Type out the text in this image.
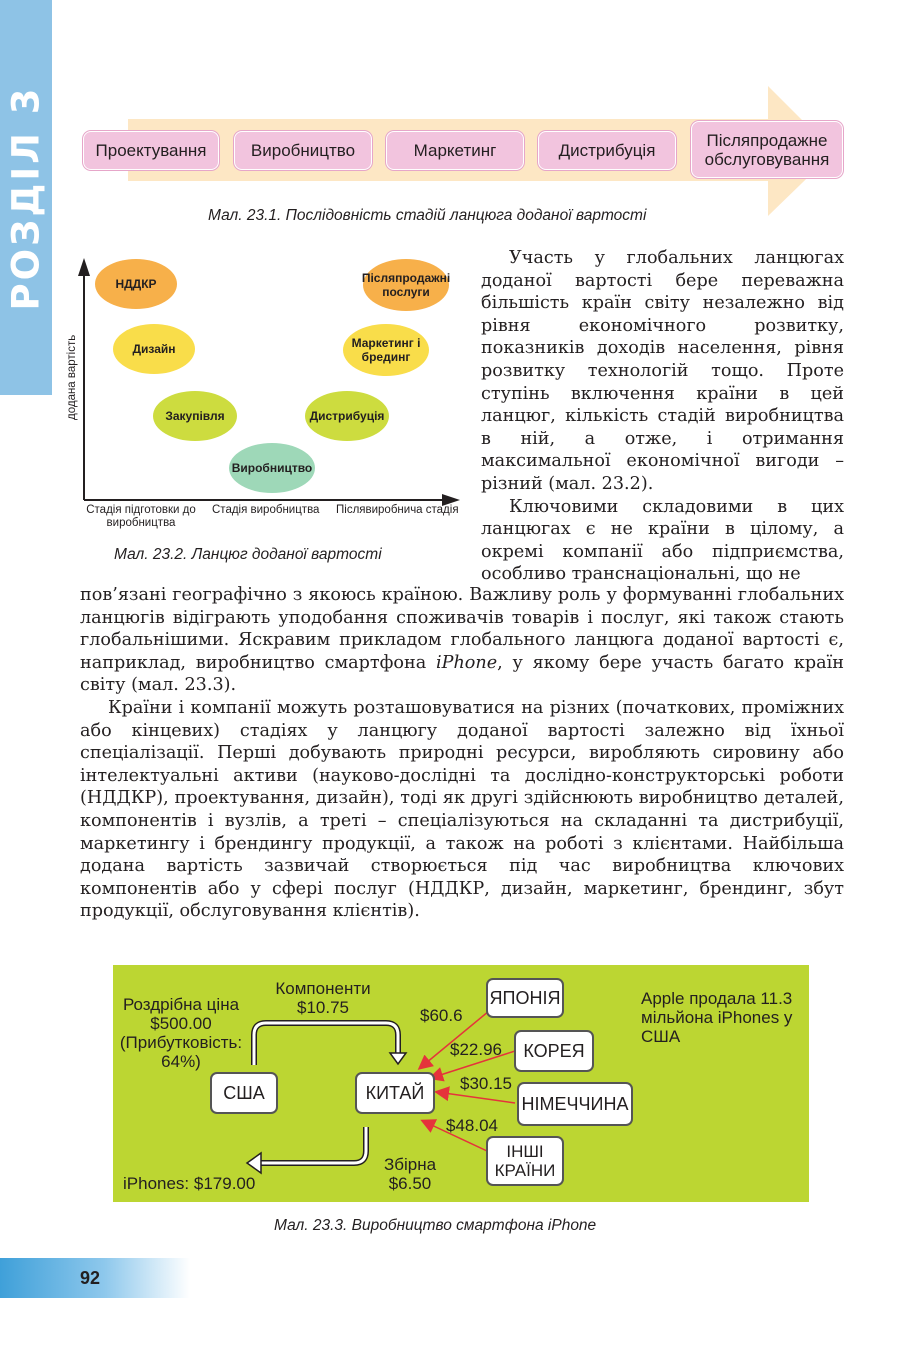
РОЗДІЛ 3	Проектування	Виробництво	Маркетинг	Дистрибуція
Післяпродажне обслуговування
Мал. 23.1. Послідовність стадій ланцюга доданої вартості
додана вартість
НДДКР	Післяпродажні послуги
Дизайн	Маркетинг і брединг
Закупівля	Дистрибуція
Виробництво
Стадія підготовки до виробництва
Стадія виробництва Післявиробнича стадія
Мал. 23.2. Ланцюг доданої вартості

Участь у глобальних ланцюгах доданої вартості бере переважна більшість країн світу незалежно від рівня економічного розвитку, показників доходів населення, рівня розвитку технологій тощо. Проте ступінь включення країни в цей ланцюг, кількість стадій виробництва в ній, а отже, і отримання максимальної економічної вигоди – різний (мал. 23.2).

Ключовими складовими в цих ланцюгах є не країни в цілому, а окремі компанії або підприємства, особливо транснаціональні, що не

пов’язані географічно з якоюсь країною. Важливу роль у формуванні глобальних ланцюгів відіграють уподобання споживачів товарів і послуг, які також стають глобальнішими. Яскравим прикладом глобального ланцюга доданої вартості є, наприклад, виробництво смартфона iPhone, у якому бере участь багато країн світу (мал. 23.3).

Країни і компанії можуть розташовуватися на різних (початкових, проміжних або кінцевих) стадіях у ланцюгу доданої вартості залежно від їхньої спеціалізації. Перші добувають природні ресурси, виробляють сировину або інтелектуальні активи (науково-дослідні та дослідно-конструкторські роботи (НДДКР), проектування, дизайн), тоді як другі здійснюють виробництво деталей, компонентів і вузлів, а треті – спеціалізуються на складанні та дистрибуції, маркетингу і брендингу продукції, а також на роботі з клієнтами. Найбільша додана вартість зазвичай створюється під час виробництва ключових компонентів або у сфері послуг (НДДКР, дизайн, маркетинг, брендинг, збут продукції, обслуговування клієнтів).

Роздрібна ціна $500.00 (Прибутковість: 64%)
Компоненти $10.75
США	КИТАЙ
ЯПОНІЯ
КОРЕЯ
НІМЕЧЧИНА
ІНШІ КРАЇНИ
$60.6
$22.96
$30.15
$48.04
Apple продала 11.3 мільйона iPhones у США
iPhones: $179.00
Збірна $6.50
Мал. 23.3. Виробництво смартфона iPhone
92
